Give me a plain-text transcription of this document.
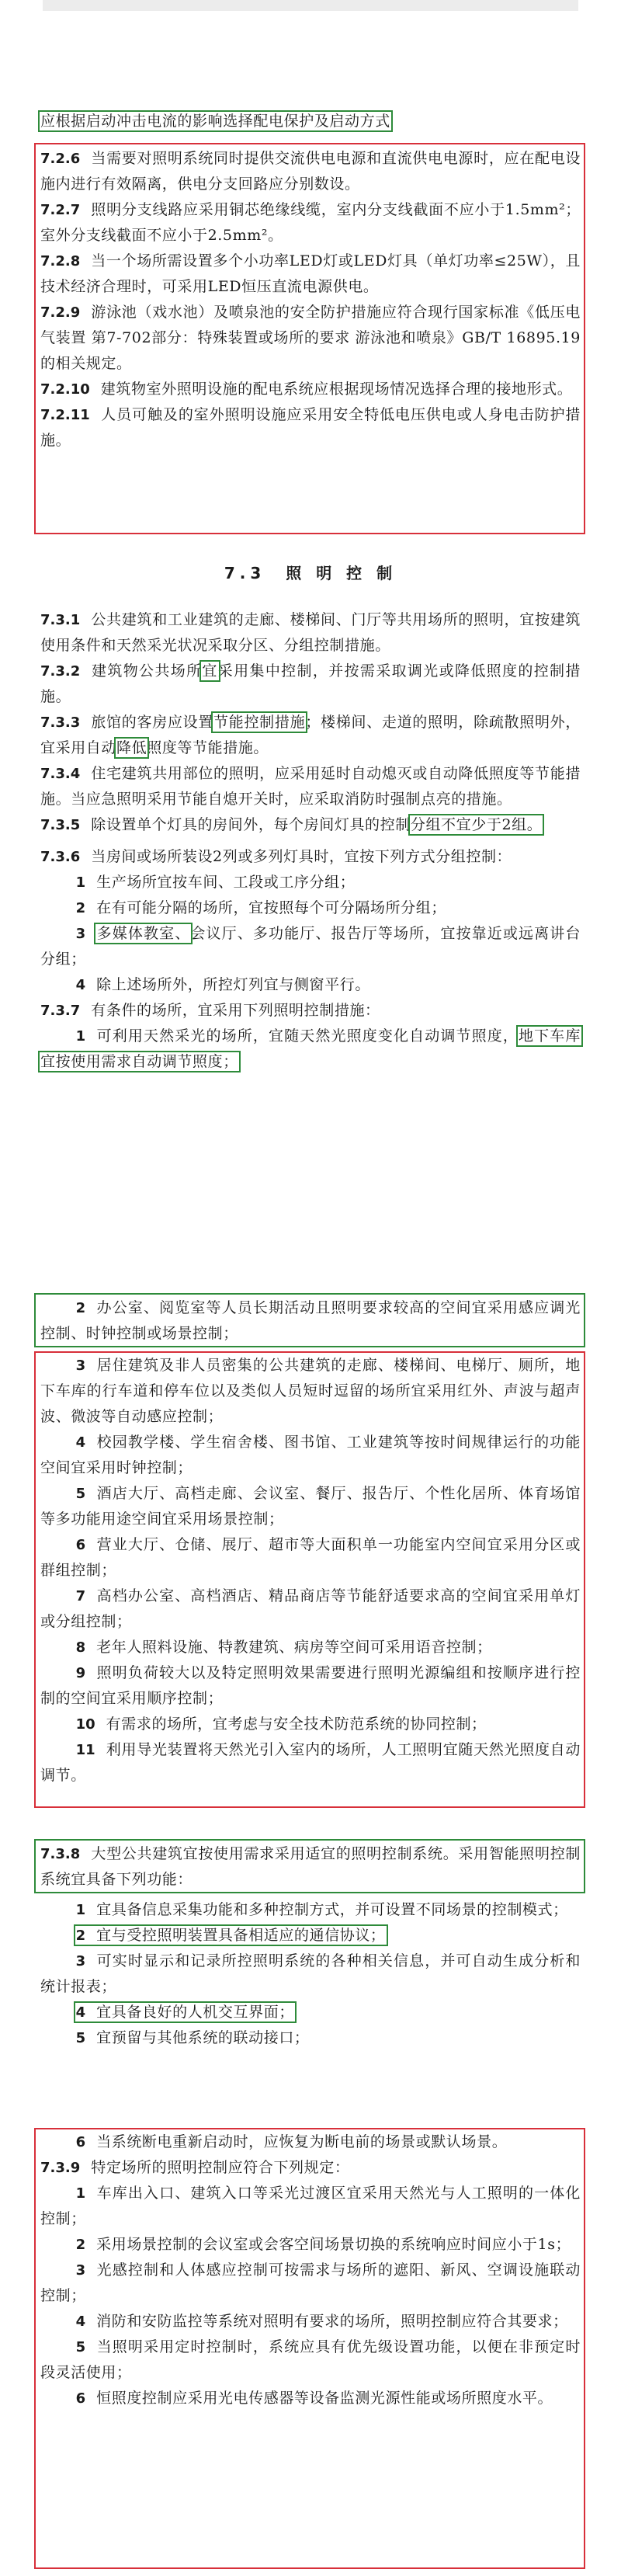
应根据启动冲击电流的影响选择配电保护及启动方式

7.2.6 当需要对照明系统同时提供交流供电电源和直流供电电源时，应在配电设施内进行有效隔离，供电分支回路应分别数设。

7.2.7 照明分支线路应采用铜芯绝缘线缆，室内分支线截面不应小于1.5mm²；室外分支线截面不应小于2.5mm²。

7.2.8 当一个场所需设置多个小功率LED灯或LED灯具（单灯功率≤25W），且技术经济合理时，可采用LED恒压直流电源供电。

7.2.9 游泳池（戏水池）及喷泉池的安全防护措施应符合现行国家标准《低压电气装置 第7-702部分：特殊装置或场所的要求 游泳池和喷泉》GB/T 16895.19的相关规定。

7.2.10 建筑物室外照明设施的配电系统应根据现场情况选择合理的接地形式。

7.2.11 人员可触及的室外照明设施应采用安全特低电压供电或人身电击防护措施。

7.3　照 明 控 制

7.3.1 公共建筑和工业建筑的走廊、楼梯间、门厅等共用场所的照明，宜按建筑使用条件和天然采光状况采取分区、分组控制措施。

7.3.2 建筑物公共场所宜采用集中控制，并按需采取调光或降低照度的控制措施。

7.3.3 旅馆的客房应设置节能控制措施；楼梯间、走道的照明，除疏散照明外，宜采用自动降低照度等节能措施。

7.3.4 住宅建筑共用部位的照明，应采用延时自动熄灭或自动降低照度等节能措施。当应急照明采用节能自熄开关时，应采取消防时强制点亮的措施。

7.3.5 除设置单个灯具的房间外，每个房间灯具的控制分组不宜少于2组。

7.3.6 当房间或场所装设2列或多列灯具时，宜按下列方式分组控制：

1 生产场所宜按车间、工段或工序分组；

2 在有可能分隔的场所，宜按照每个可分隔场所分组；

3 多媒体教室、会议厅、多功能厅、报告厅等场所，宜按靠近或远离讲台分组；

4 除上述场所外，所控灯列宜与侧窗平行。

7.3.7 有条件的场所，宜采用下列照明控制措施：

1 可利用天然采光的场所，宜随天然光照度变化自动调节照度，地下车库宜按使用需求自动调节照度；

2 办公室、阅览室等人员长期活动且照明要求较高的空间宜采用感应调光控制、时钟控制或场景控制；

3 居住建筑及非人员密集的公共建筑的走廊、楼梯间、电梯厅、厕所，地下车库的行车道和停车位以及类似人员短时逗留的场所宜采用红外、声波与超声波、微波等自动感应控制；

4 校园教学楼、学生宿舍楼、图书馆、工业建筑等按时间规律运行的功能空间宜采用时钟控制；

5 酒店大厅、高档走廊、会议室、餐厅、报告厅、个性化居所、体育场馆等多功能用途空间宜采用场景控制；

6 营业大厅、仓储、展厅、超市等大面积单一功能室内空间宜采用分区或群组控制；

7 高档办公室、高档酒店、精品商店等节能舒适要求高的空间宜采用单灯或分组控制；

8 老年人照料设施、特教建筑、病房等空间可采用语音控制；

9 照明负荷较大以及特定照明效果需要进行照明光源编组和按顺序进行控制的空间宜采用顺序控制；

10 有需求的场所，宜考虑与安全技术防范系统的协同控制；

11 利用导光装置将天然光引入室内的场所，人工照明宜随天然光照度自动调节。

7.3.8 大型公共建筑宜按使用需求采用适宜的照明控制系统。采用智能照明控制系统宜具备下列功能：

1 宜具备信息采集功能和多种控制方式，并可设置不同场景的控制模式；

2 宜与受控照明装置具备相适应的通信协议；

3 可实时显示和记录所控照明系统的各种相关信息，并可自动生成分析和统计报表；

4 宜具备良好的人机交互界面；

5 宜预留与其他系统的联动接口；

6 当系统断电重新启动时，应恢复为断电前的场景或默认场景。

7.3.9 特定场所的照明控制应符合下列规定：

1 车库出入口、建筑入口等采光过渡区宜采用天然光与人工照明的一体化控制；

2 采用场景控制的会议室或会客空间场景切换的系统响应时间应小于1s；

3 光感控制和人体感应控制可按需求与场所的遮阳、新风、空调设施联动控制；

4 消防和安防监控等系统对照明有要求的场所，照明控制应符合其要求；

5 当照明采用定时控制时，系统应具有优先级设置功能，以便在非预定时段灵活使用；

6 恒照度控制应采用光电传感器等设备监测光源性能或场所照度水平。
